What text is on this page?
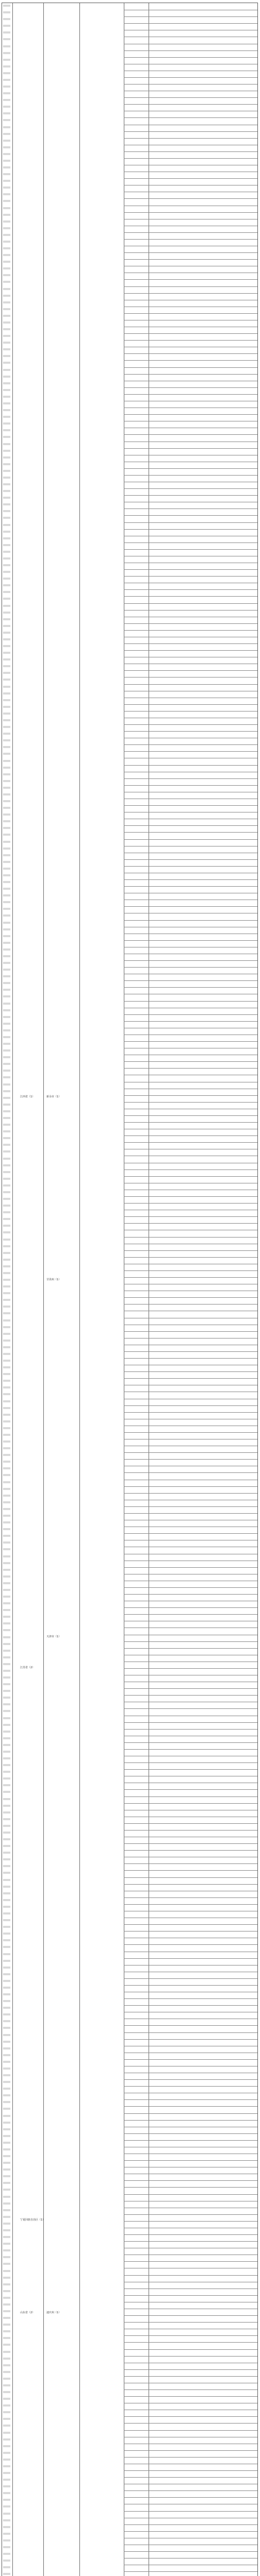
江西省（1）	新余市（1）
甘孜州（1）
天津市（1）
江苏省（2）
宁夏回族自治区（1）
山东省（2）	迪庆州（1）
